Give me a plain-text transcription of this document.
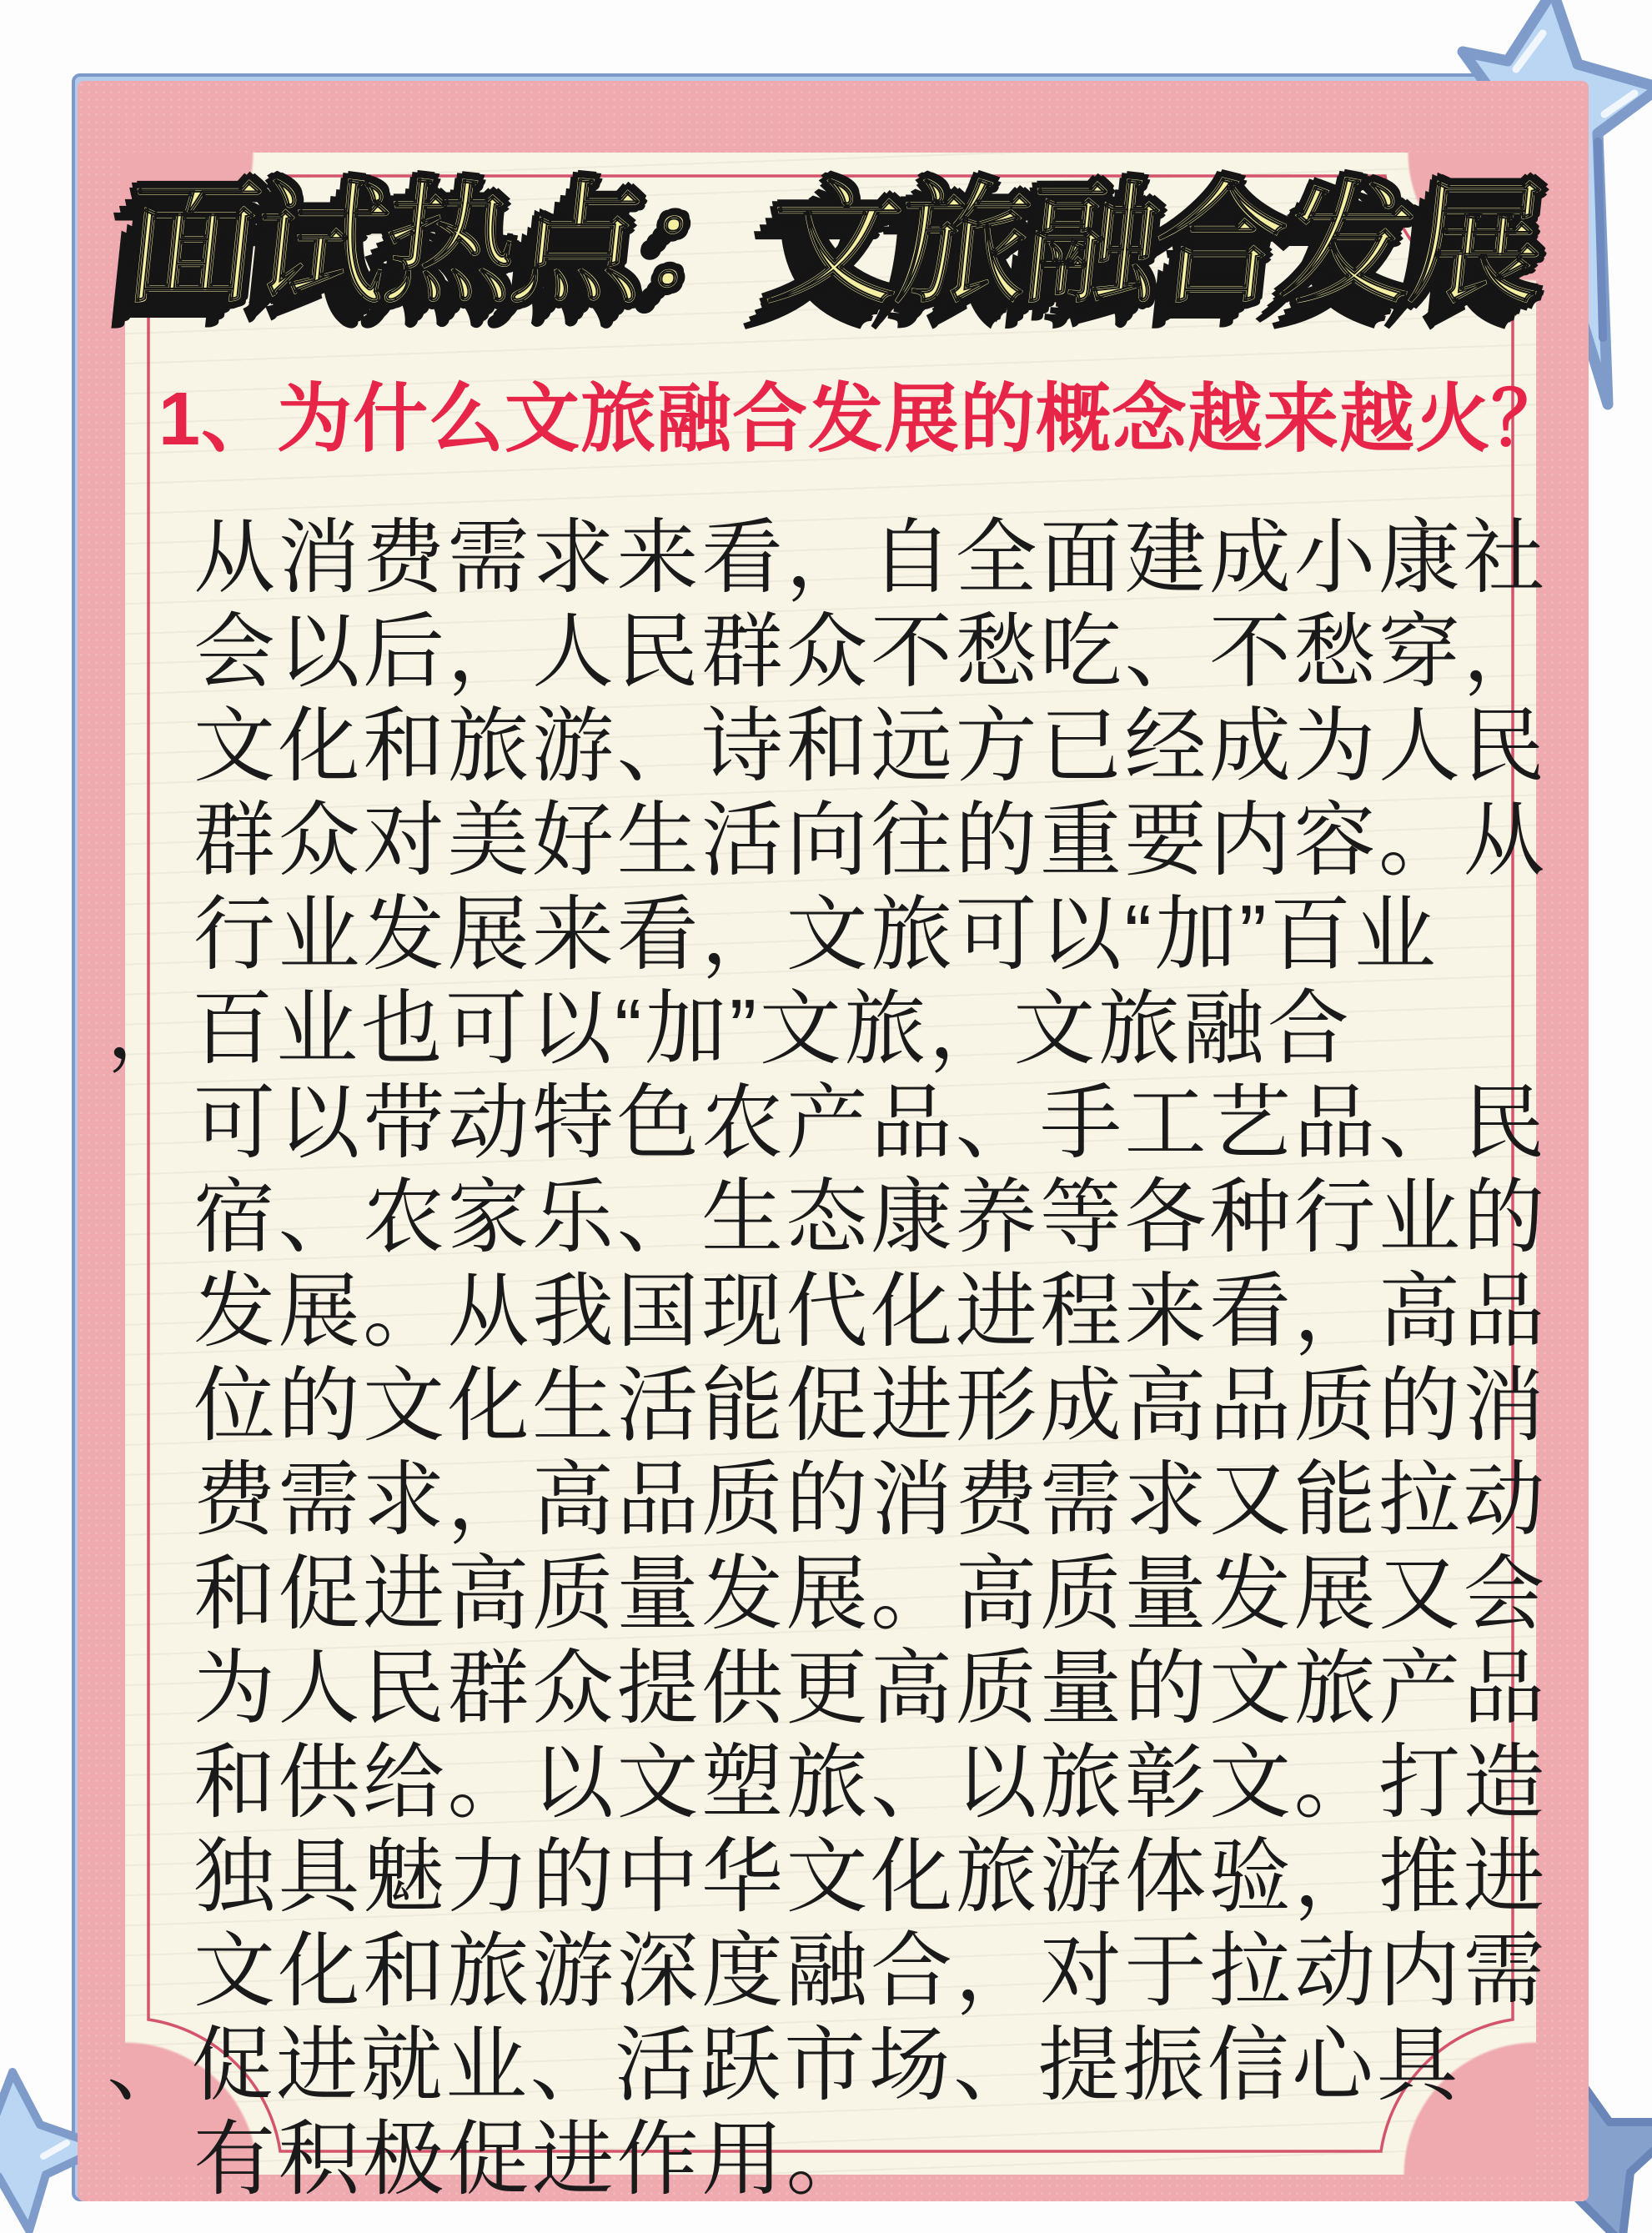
面试热点：文旅融合发展
1、为什么文旅融合发展的概念越来越火？
从消费需求来看，自全面建成小康社
会以后，人民群众不愁吃、不愁穿，
文化和旅游、诗和远方已经成为人民
群众对美好生活向往的重要内容。从
行业发展来看，文旅可以“加”百业
，百业也可以“加”文旅，文旅融合
可以带动特色农产品、手工艺品、民
宿、农家乐、生态康养等各种行业的
发展。从我国现代化进程来看，高品
位的文化生活能促进形成高品质的消
费需求，高品质的消费需求又能拉动
和促进高质量发展。高质量发展又会
为人民群众提供更高质量的文旅产品
和供给。以文塑旅、以旅彰文。打造
独具魅力的中华文化旅游体验，推进
文化和旅游深度融合，对于拉动内需
、促进就业、活跃市场、提振信心具
有积极促进作用。
